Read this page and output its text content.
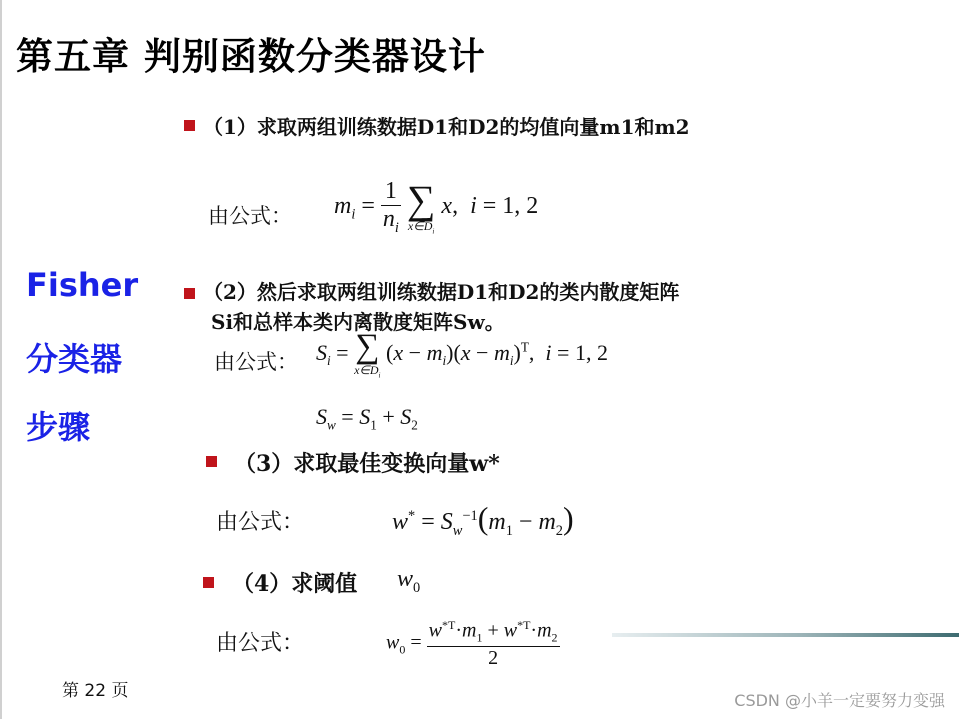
第五章 判别函数分类器设计
Fisher
分类器
步骤
（1）求取两组训练数据D1和D2的均值向量m1和m2
由公式： $m_i = \frac{1}{n_i}$
∑
$x\in D_i$
x,  i = 1, 2
（2）然后求取两组训练数据D1和D2的类内散度矩阵
Si和总样本类内离散度矩阵Sw。
由公式： $S_i$ = ∑
$x\in D_i$
$(x - m_i)(x - m_i)^T$,  i = 1, 2
$S_w = S_1 + S_2$
（3）求取最佳变换向量w*
由公式：	$w^* = S_w^{-1}(m_1 - m_2)$
（4）求阈值 $w_0$
由公式：	$w_0 = \frac{w^{*T}\cdot m_1 + w^{*T}\cdot m_2}{2}$
第 22 页	CSDN @小羊一定要努力变强
